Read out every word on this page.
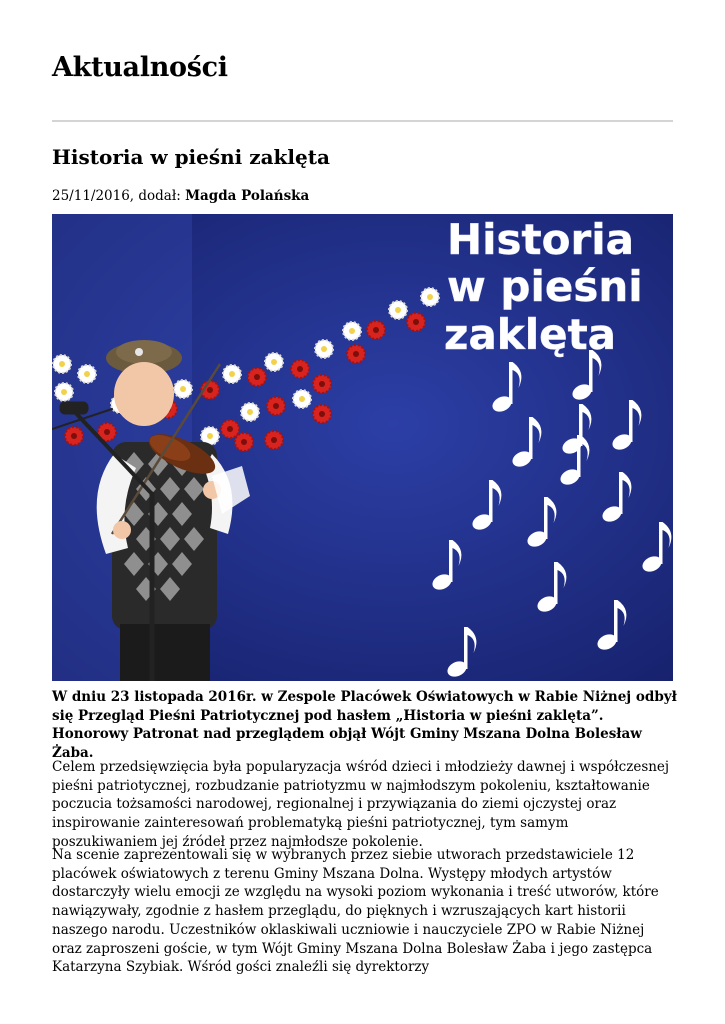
Aktualności
Historia w pieśni zaklęta
25/11/2016, dodał: Magda Polańska
Historia
w pieśni
zaklęta

W dniu 23 listopada 2016r. w Zespole Placówek Oświatowych w Rabie Niżnej odbył się Przegląd Pieśni Patriotycznej pod hasłem „Historia w pieśni zaklęta”. Honorowy Patronat nad przeglądem objął Wójt Gminy Mszana Dolna Bolesław Żaba.

Celem przedsięwzięcia była popularyzacja wśród dzieci i młodzieży dawnej i współczesnej pieśni patriotycznej, rozbudzanie patriotyzmu w najmłodszym pokoleniu, kształtowanie poczucia tożsamości narodowej, regionalnej i przywiązania do ziemi ojczystej oraz inspirowanie zainteresowań problematyką pieśni patriotycznej, tym samym poszukiwaniem jej źródeł przez najmłodsze pokolenie.

Na scenie zaprezentowali się w wybranych przez siebie utworach przedstawiciele 12 placówek oświatowych z terenu Gminy Mszana Dolna. Występy młodych artystów dostarczyły wielu emocji ze względu na wysoki poziom wykonania i treść utworów, które nawiązywały, zgodnie z hasłem przeglądu, do pięknych i wzruszających kart historii naszego narodu. Uczestników oklaskiwali uczniowie i nauczyciele ZPO w Rabie Niżnej oraz zaproszeni goście, w tym Wójt Gminy Mszana Dolna Bolesław Żaba i jego zastępca Katarzyna Szybiak. Wśród gości znaleźli się dyrektorzy
